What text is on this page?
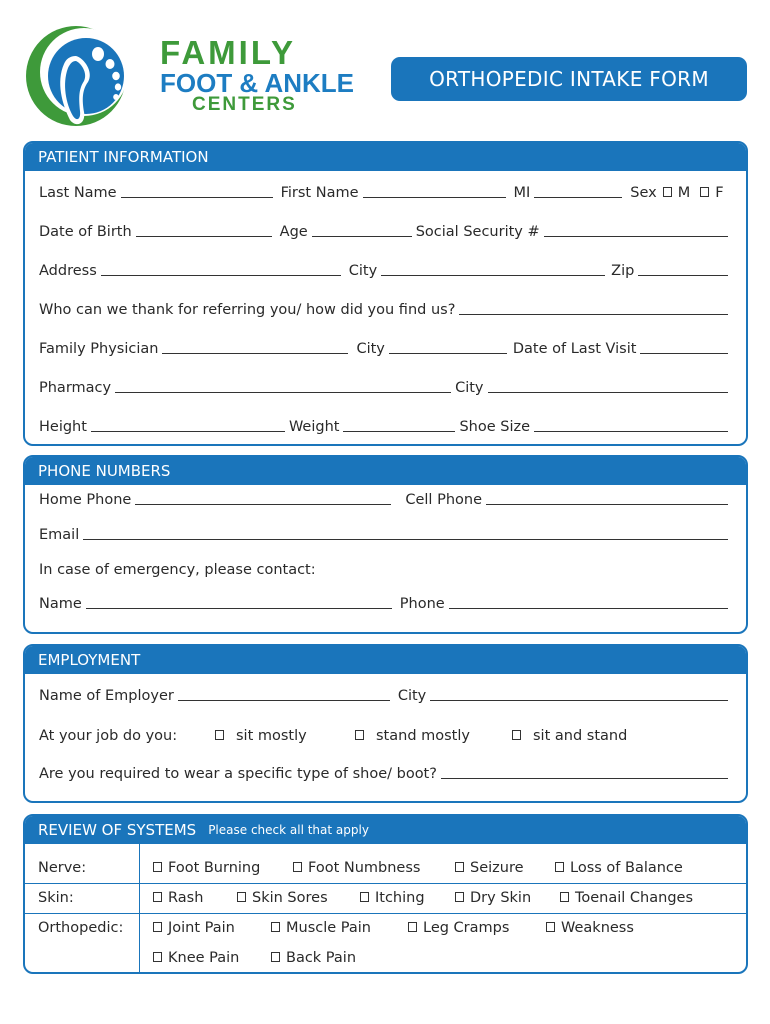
FAMILY
FOOT & ANKLE
CENTERS
ORTHOPEDIC INTAKE FORM
PATIENT INFORMATION
Last Name	First Name	MI	Sex M F
Date of Birth	Age	Social Security #
Address	City	Zip
Who can we thank for referring you/ how did you find us?
Family Physician	City	Date of Last Visit
Pharmacy	City
Height	Weight	Shoe Size
PHONE NUMBERS
Home Phone	Cell Phone
Email
In case of emergency, please contact:
Name	Phone
EMPLOYMENT
Name of Employer	City
At your job do you:	sit mostly	stand mostly	sit and stand
Are you required to wear a specific type of shoe/ boot?
REVIEW OF SYSTEMS Please check all that apply
Nerve:	Foot Burning	Foot Numbness	Seizure	Loss of Balance
Skin:	Rash	Skin Sores	Itching	Dry Skin	Toenail Changes
Orthopedic:	Joint Pain	Muscle Pain	Leg Cramps	Weakness
Knee Pain	Back Pain
